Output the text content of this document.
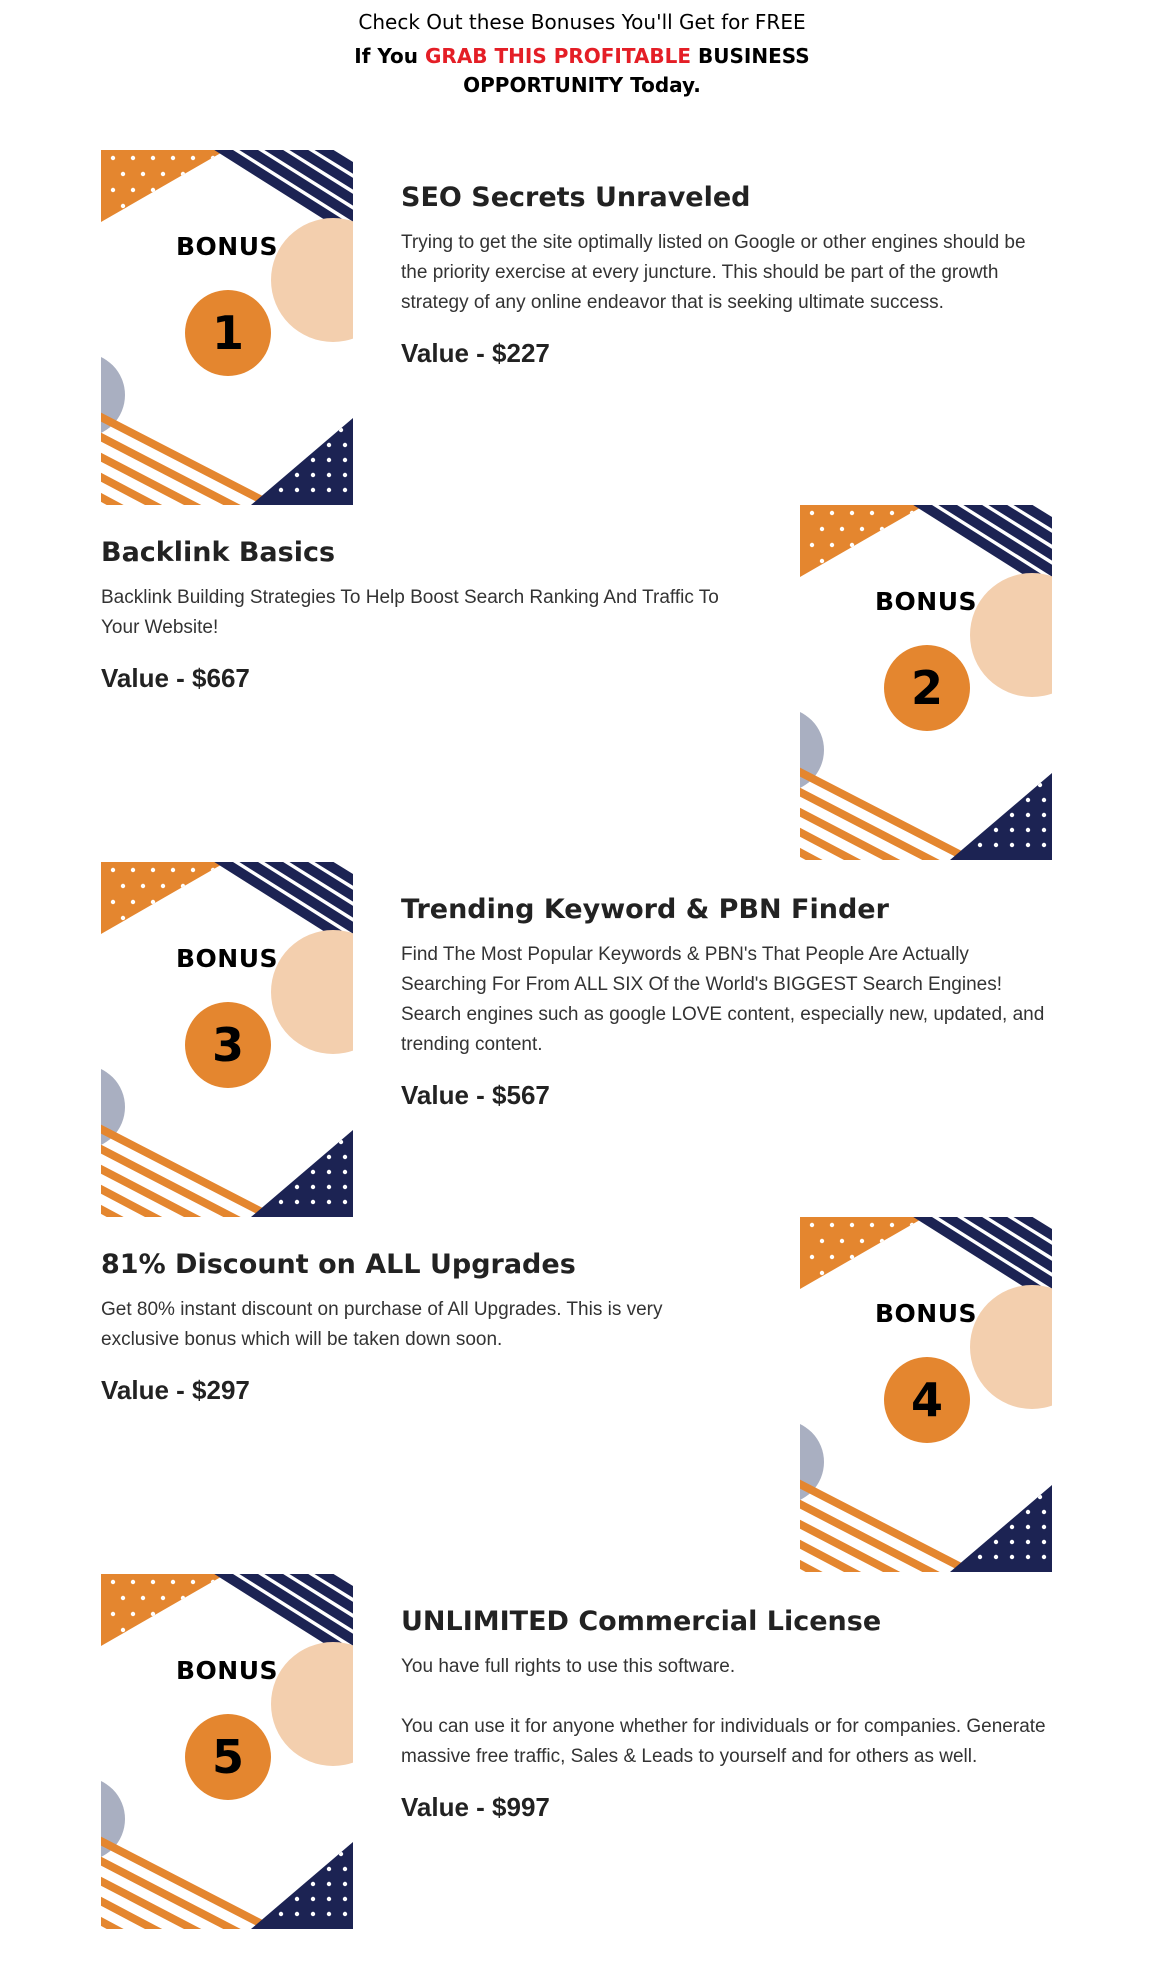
Check Out these Bonuses You'll Get for FREE
If You GRAB THIS PROFITABLE BUSINESS
OPPORTUNITY Today.
BONUS
1
SEO Secrets Unraveled

Trying to get the site optimally listed on Google or other engines should be the priority exercise at every juncture. This should be part of the growth strategy of any online endeavor that is seeking ultimate success.

Value - $227
Backlink Basics

Backlink Building Strategies To Help Boost Search Ranking And Traffic To Your Website!

Value - $667
BONUS
2
BONUS
3
Trending Keyword & PBN Finder

Find The Most Popular Keywords & PBN's That People Are Actually Searching For From ALL SIX Of the World's BIGGEST Search Engines! Search engines such as google LOVE content, especially new, updated, and trending content.

Value - $567
81% Discount on ALL Upgrades

Get 80% instant discount on purchase of All Upgrades. This is very exclusive bonus which will be taken down soon.

Value - $297
BONUS
4
BONUS
5
UNLIMITED Commercial License

You have full rights to use this software.

You can use it for anyone whether for individuals or for companies. Generate massive free traffic, Sales & Leads to yourself and for others as well.

Value - $997
